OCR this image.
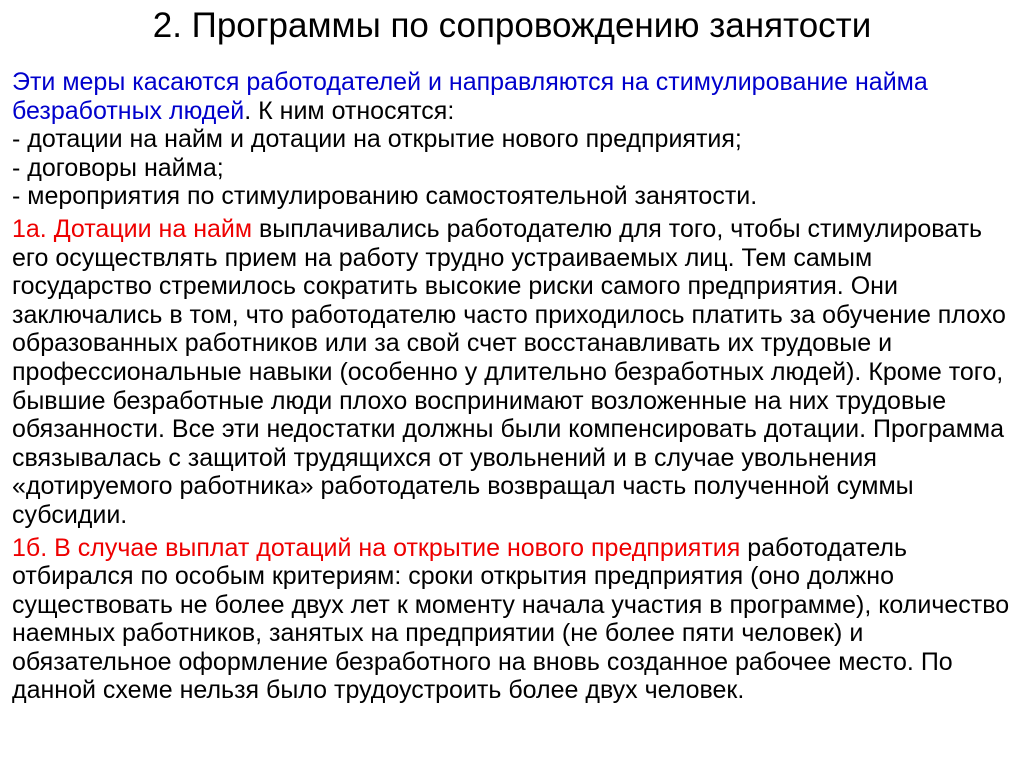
2. Программы по сопровождению занятости

Эти меры касаются работодателей и направляются на стимулирование найма безработных людей. К ним относятся:

- дотации на найм и дотации на открытие нового предприятия;

- договоры найма;

- мероприятия по стимулированию самостоятельной занятости.

1а. Дотации на найм выплачивались работодателю для того, чтобы стимулировать его осуществлять прием на работу трудно устраиваемых лиц. Тем самым государство стремилось сократить высокие риски самого предприятия. Они заключались в том, что работодателю часто приходилось платить за обучение плохо образованных работников или за свой счет восстанавливать их трудовые и профессиональные навыки (особенно у длительно безработных людей). Кроме того, бывшие безработные люди плохо воспринимают возложенные на них трудовые обязанности. Все эти недостатки должны были компенсировать дотации. Программа связывалась с защитой трудящихся от увольнений и в случае увольнения «дотируемого работника» работодатель возвращал часть полученной суммы субсидии.

1б. В случае выплат дотаций на открытие нового предприятия работодатель отбирался по особым критериям: сроки открытия предприятия (оно должно существовать не более двух лет к моменту начала участия в программе), количество наемных работников, занятых на предприятии (не более пяти человек) и обязательное оформление безработного на вновь созданное рабочее место. По данной схеме нельзя было трудоустроить более двух человек.
